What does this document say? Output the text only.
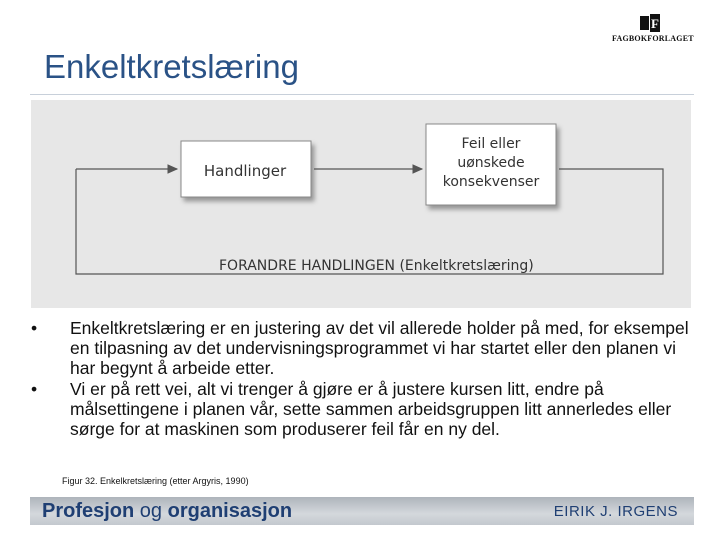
F
FAGBOKFORLAGET
Enkeltkretslæring
Handlinger
Feil eller
uønskede
konsekvenser
FORANDRE HANDLINGEN (Enkeltkretslæring)
• Enkeltkretslæring er en justering av det vil allerede holder på med, for eksempel en tilpasning av det undervisningsprogrammet vi har startet eller den planen vi har begynt å arbeide etter.
• Vi er på rett vei, alt vi trenger å gjøre er å justere kursen litt, endre på målsettingene i planen vår, sette sammen arbeidsgruppen litt annerledes eller sørge for at maskinen som produserer feil får en ny del.
Figur 32. Enkelkretslæring (etter Argyris, 1990)
Profesjon og organisasjon	EIRIK J. IRGENS
